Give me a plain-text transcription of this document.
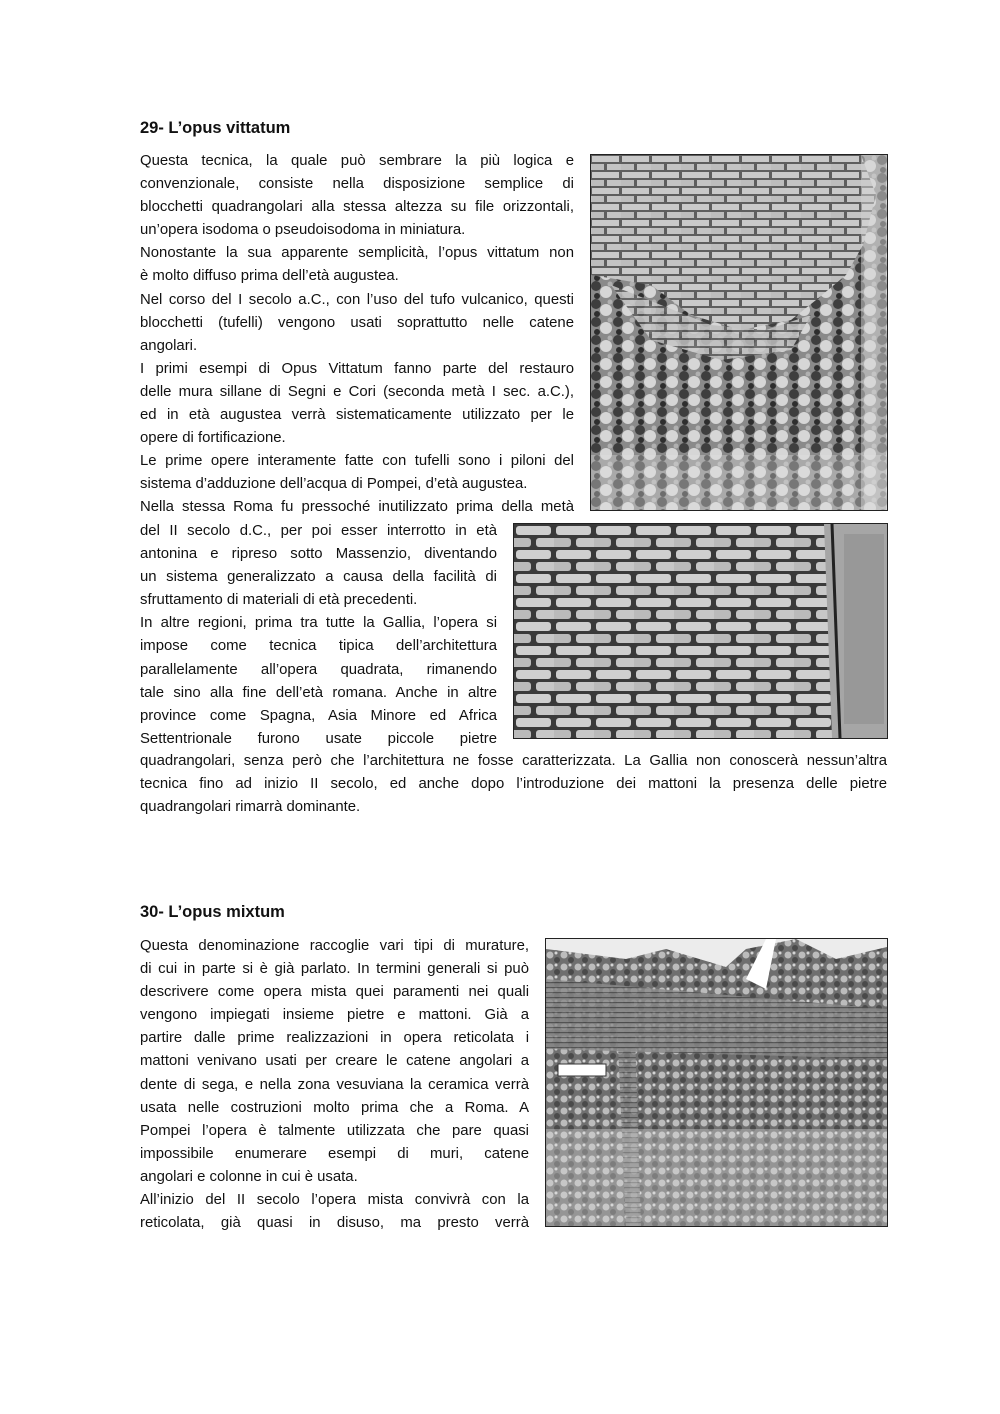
29- L’opus vittatum
Questa tecnica, la quale può sembrare la più logica e
convenzionale, consiste nella disposizione semplice di
blocchetti quadrangolari alla stessa altezza su file orizzontali,
un’opera isodoma o pseudoisodoma in miniatura.
Nonostante la sua apparente semplicità, l’opus vittatum non
è molto diffuso prima dell’età augustea.
Nel corso del I secolo a.C., con l’uso del tufo vulcanico, questi
blocchetti (tufelli) vengono usati soprattutto nelle catene
angolari.
I primi esempi di Opus Vittatum fanno parte del restauro
delle mura sillane di Segni e Cori (seconda metà I sec. a.C.),
ed in età augustea verrà sistematicamente utilizzato per le
opere di fortificazione.
Le prime opere interamente fatte con tufelli sono i piloni del
sistema d’adduzione dell’acqua di Pompei, d’età augustea.
Nella stessa Roma fu pressoché inutilizzato prima della metà
del II secolo d.C., per poi esser interrotto in età
antonina e ripreso sotto Massenzio, diventando
un sistema generalizzato a causa della facilità di
sfruttamento di materiali di età precedenti.
In altre regioni, prima tra tutte la Gallia, l’opera si
impose come tecnica tipica dell’architettura
parallelamente all’opera quadrata, rimanendo
tale sino alla fine dell’età romana. Anche in altre
province come Spagna, Asia Minore ed Africa
Settentrionale furono usate piccole pietre
quadrangolari, senza però che l’architettura ne fosse caratterizzata. La Gallia non conoscerà nessun’altra
tecnica fino ad inizio II secolo, ed anche dopo l’introduzione dei mattoni la presenza delle pietre
quadrangolari rimarrà dominante.
30- L’opus mixtum
Questa denominazione raccoglie vari tipi di murature,
di cui in parte si è già parlato. In termini generali si può
descrivere come opera mista quei paramenti nei quali
vengono impiegati insieme pietre e mattoni. Già a
partire dalle prime realizzazioni in opera reticolata i
mattoni venivano usati per creare le catene angolari a
dente di sega, e nella zona vesuviana la ceramica verrà
usata nelle costruzioni molto prima che a Roma. A
Pompei l’opera è talmente utilizzata che pare quasi
impossibile enumerare esempi di muri, catene
angolari e colonne in cui è usata.
All’inizio del II secolo l’opera mista convivrà con la
reticolata, già quasi in disuso, ma presto verrà
